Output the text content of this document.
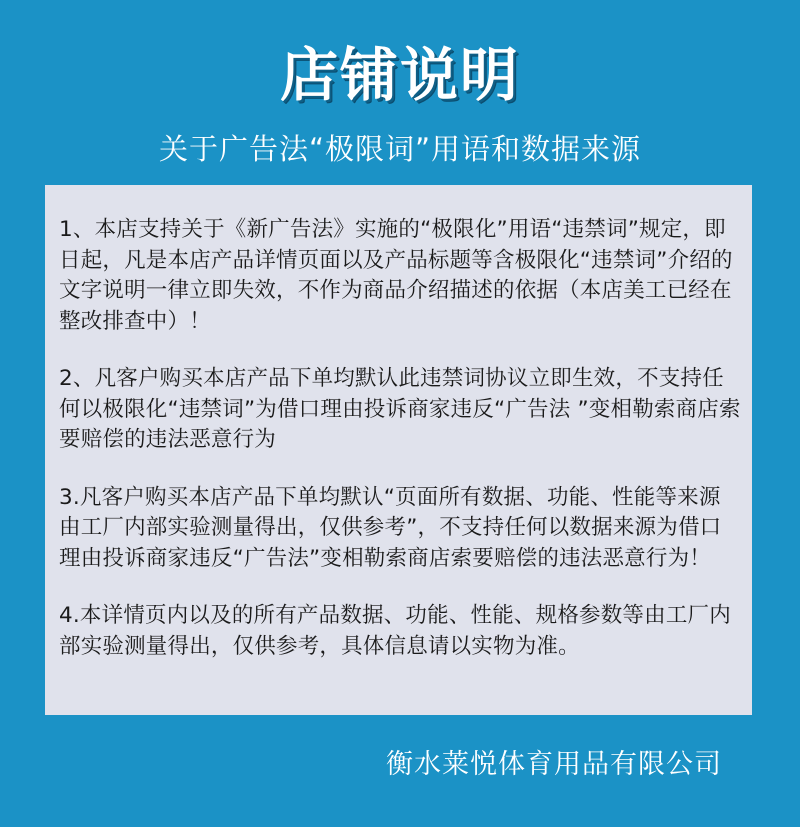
店铺说明
关于广告法“极限词”用语和数据来源

1、本店支持关于《新广告法》实施的“极限化”用语“违禁词”规定，即日起，凡是本店产品详情页面以及产品标题等含极限化“违禁词”介绍的文字说明一律立即失效，不作为商品介绍描述的依据（本店美工已经在整改排查中）！

2、凡客户购买本店产品下单均默认此违禁词协议立即生效，不支持任何以极限化“违禁词”为借口理由投诉商家违反“广告法 ”变相勒索商店索要赔偿的违法恶意行为

3.凡客户购买本店产品下单均默认“页面所有数据、功能、性能等来源由工厂内部实验测量得出，仅供参考”，不支持任何以数据来源为借口理由投诉商家违反“广告法”变相勒索商店索要赔偿的违法恶意行为！

4.本详情页内以及的所有产品数据、功能、性能、规格参数等由工厂内部实验测量得出，仅供参考，具体信息请以实物为准。

衡水莱悦体育用品有限公司
